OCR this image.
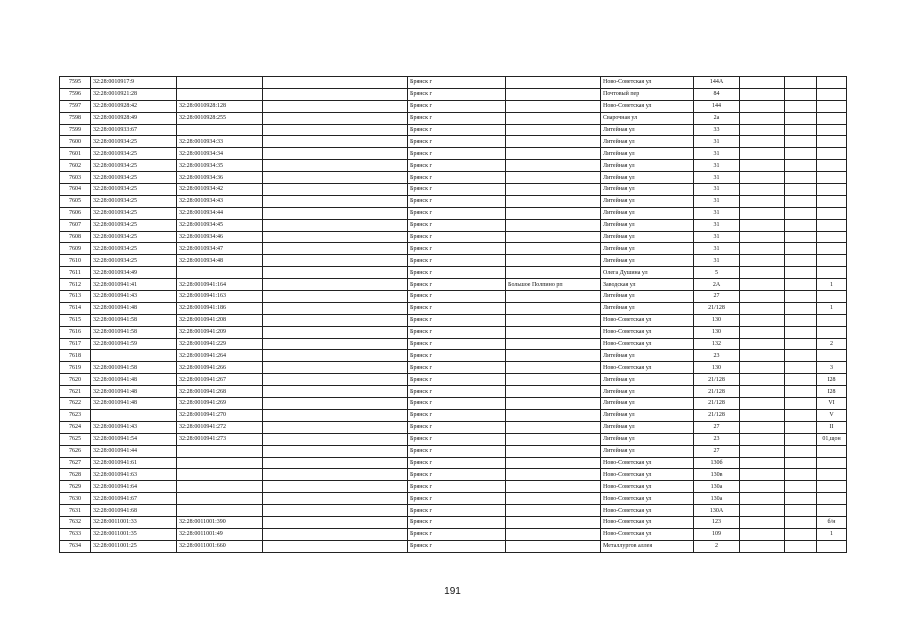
7595	32:28:0010917:9			Брянск г		Ново-Советская ул	144А			
7596	32:28:0010921:28			Брянск г		Почтовый пер	84			
7597	32:28:0010928:42	32:28:0010928:128		Брянск г		Ново-Советская ул	144			
7598	32:28:0010928:49	32:28:0010928:255		Брянск г		Сварочная ул	2а			
7599	32:28:0010933:67			Брянск г		Литейная ул	33			
7600	32:28:0010934:25	32:28:0010934:33		Брянск г		Литейная ул	31			
7601	32:28:0010934:25	32:28:0010934:34		Брянск г		Литейная ул	31			
7602	32:28:0010934:25	32:28:0010934:35		Брянск г		Литейная ул	31			
7603	32:28:0010934:25	32:28:0010934:36		Брянск г		Литейная ул	31			
7604	32:28:0010934:25	32:28:0010934:42		Брянск г		Литейная ул	31			
7605	32:28:0010934:25	32:28:0010934:43		Брянск г		Литейная ул	31			
7606	32:28:0010934:25	32:28:0010934:44		Брянск г		Литейная ул	31			
7607	32:28:0010934:25	32:28:0010934:45		Брянск г		Литейная ул	31			
7608	32:28:0010934:25	32:28:0010934:46		Брянск г		Литейная ул	31			
7609	32:28:0010934:25	32:28:0010934:47		Брянск г		Литейная ул	31			
7610	32:28:0010934:25	32:28:0010934:48		Брянск г		Литейная ул	31			
7611	32:28:0010934:49			Брянск г		Олега Душина ул	5			
7612	32:28:0010941:41	32:28:0010941:164		Брянск г	Большое Полпино рп	Заводская ул	2А			1
7613	32:28:0010941:43	32:28:0010941:163		Брянск г		Литейная ул	27			
7614	32:28:0010941:48	32:28:0010941:186		Брянск г		Литейная ул	21/128			1
7615	32:28:0010941:58	32:28:0010941:208		Брянск г		Ново-Советская ул	130			
7616	32:28:0010941:58	32:28:0010941:209		Брянск г		Ново-Советская ул	130			
7617	32:28:0010941:59	32:28:0010941:229		Брянск г		Ново-Советская ул	132			2
7618		32:28:0010941:264		Брянск г		Литейная ул	23			
7619	32:28:0010941:58	32:28:0010941:266		Брянск г		Ново-Советская ул	130			3
7620	32:28:0010941:48	32:28:0010941:267		Брянск г		Литейная ул	21/128			I28
7621	32:28:0010941:48	32:28:0010941:268		Брянск г		Литейная ул	21/128			I28
7622	32:28:0010941:48	32:28:0010941:269		Брянск г		Литейная ул	21/128			VI
7623		32:28:0010941:270		Брянск г		Литейная ул	21/128			V
7624	32:28:0010941:43	32:28:0010941:272		Брянск г		Литейная ул	27			II
7625	32:28:0010941:54	32:28:0010941:273		Брянск г		Литейная ул	23			01,щон
7626	32:28:0010941:44			Брянск г		Литейная ул	27			
7627	32:28:0010941:61			Брянск г		Ново-Советская ул	130б			
7628	32:28:0010941:63			Брянск г		Ново-Советская ул	130в			
7629	32:28:0010941:64			Брянск г		Ново-Советская ул	130а			
7630	32:28:0010941:67			Брянск г		Ново-Советская ул	130а			
7631	32:28:0010941:68			Брянск г		Ново-Советская ул	130А			
7632	32:28:0011001:33	32:28:0011001:390		Брянск г		Ново-Советская ул	123			б/н
7633	32:28:0011001:35	32:28:0011001:49		Брянск г		Ново-Советская ул	109			1
7634	32:28:0011001:25	32:28:0011001:660		Брянск г		Металлургов аллея	2			
191
